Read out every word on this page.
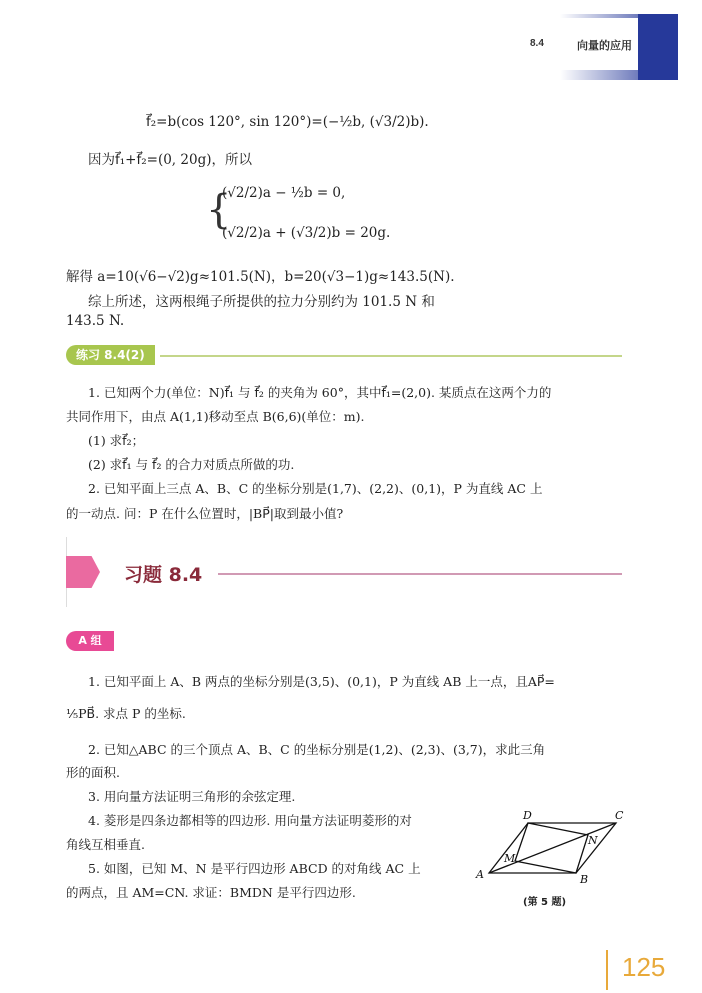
8.4	向量的应用
f⃗₂=b(cos 120°, sin 120°)=(−½b, (√3/2)b).
因为f⃗₁+f⃗₂=(0, 20g)，所以
{
(√2/2)a − ½b = 0,
(√2/2)a + (√3/2)b = 20g.
解得 a=10(√6−√2)g≈101.5(N)，b=20(√3−1)g≈143.5(N).
综上所述，这两根绳子所提供的拉力分别约为 101.5 N 和
143.5 N.
练习 8.4(2)
1. 已知两个力(单位：N)f⃗₁ 与 f⃗₂ 的夹角为 60°，其中f⃗₁=(2,0). 某质点在这两个力的
共同作用下，由点 A(1,1)移动至点 B(6,6)(单位：m).
(1) 求f⃗₂；
(2) 求f⃗₁ 与 f⃗₂ 的合力对质点所做的功.
2. 已知平面上三点 A、B、C 的坐标分别是(1,7)、(2,2)、(0,1)，P 为直线 AC 上
的一动点. 问：P 在什么位置时，|BP⃗|取到最小值?
习题 8.4
A 组
1. 已知平面上 A、B 两点的坐标分别是(3,5)、(0,1)，P 为直线 AB 上一点，且AP⃗=
⅕PB⃗. 求点 P 的坐标.
2. 已知△ABC 的三个顶点 A、B、C 的坐标分别是(1,2)、(2,3)、(3,7)，求此三角
形的面积.
3. 用向量方法证明三角形的余弦定理.
4. 菱形是四条边都相等的四边形. 用向量方法证明菱形的对
角线互相垂直.
5. 如图，已知 M、N 是平行四边形 ABCD 的对角线 AC 上
的两点，且 AM=CN. 求证：BMDN 是平行四边形.
A	B
C
D
M
N
(第 5 题)
125
